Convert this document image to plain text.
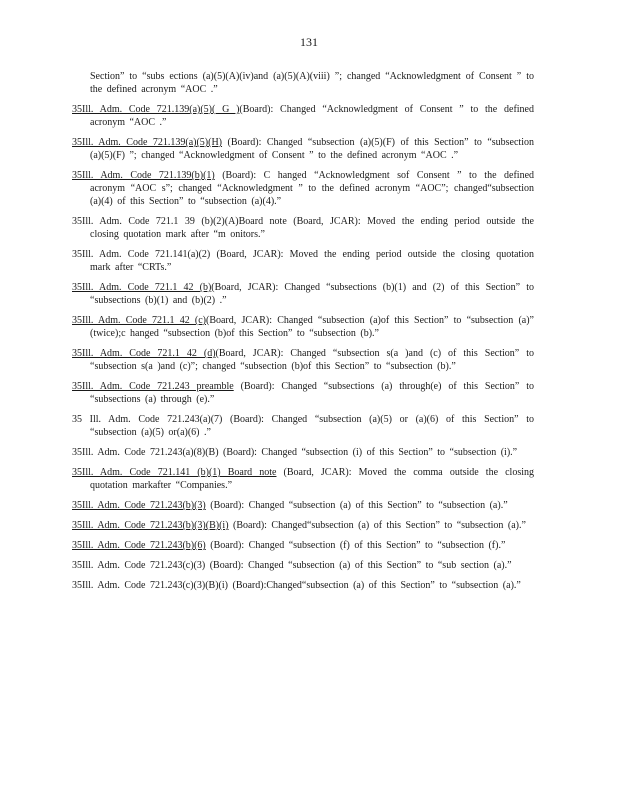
131

Section” to “subs ections (a)(5)(A)(iv)and (a)(5)(A)(viii) ”; changed “Acknowledgment of Consent ” to the defined acronym “AOC .”

35Ill. Adm. Code 721.139(a)(5)( G )(Board): Changed “Acknowledgment of Consent ” to the defined acronym “AOC .”

35Ill. Adm. Code 721.139(a)(5)(H) (Board): Changed “subsection (a)(5)(F) of this Section” to “subsection (a)(5)(F) ”; changed “Acknowledgment of Consent ” to the defined acronym “AOC .”

35Ill. Adm. Code 721.139(b)(1) (Board): C hanged “Acknowledgment sof Consent ” to the defined acronym “AOC s”; changed “Acknowledgment ” to the defined acronym “AOC”; changed“subsection (a)(4) of this Section” to “subsection (a)(4).”

35Ill. Adm. Code 721.1 39 (b)(2)(A)Board note (Board, JCAR): Moved the ending period outside the closing quotation mark after “m onitors.”

35Ill. Adm. Code 721.141(a)(2) (Board, JCAR): Moved the ending period outside the closing quotation mark after “CRTs.”

35Ill. Adm. Code 721.1 42 (b)(Board, JCAR): Changed “subsections (b)(1) and (2) of this Section” to “subsections (b)(1) and (b)(2) .”

35Ill. Adm. Code 721.1 42 (c)(Board, JCAR): Changed “subsection (a)of this Section” to “subsection (a)” (twice);c hanged “subsection (b)of this Section” to “subsection (b).”

35Ill. Adm. Code 721.1 42 (d)(Board, JCAR): Changed “subsection s(a )and (c) of this Section” to “subsection s(a )and (c)”; changed “subsection (b)of this Section” to “subsection (b).”

35Ill. Adm. Code 721.243 preamble (Board): Changed “subsections (a) through(e) of this Section” to “subsections (a) through (e).”

35 Ill. Adm. Code 721.243(a)(7) (Board): Changed “subsection (a)(5) or (a)(6) of this Section” to “subsection (a)(5) or(a)(6) .”

35Ill. Adm. Code 721.243(a)(8)(B) (Board): Changed “subsection (i) of this Section” to “subsection (i).”

35Ill. Adm. Code 721.141 (b)(1) Board note (Board, JCAR): Moved the comma outside the closing quotation markafter “Companies.”

35Ill. Adm. Code 721.243(b)(3) (Board): Changed “subsection (a) of this Section” to “subsection (a).”

35Ill. Adm. Code 721.243(b)(3)(B)(i) (Board): Changed“subsection (a) of this Section” to “subsection (a).”

35Ill. Adm. Code 721.243(b)(6) (Board): Changed “subsection (f) of this Section” to “subsection (f).”

35Ill. Adm. Code 721.243(c)(3) (Board): Changed “subsection (a) of this Section” to “sub section (a).”

35Ill. Adm. Code 721.243(c)(3)(B)(i) (Board):Changed“subsection (a) of this Section” to “subsection (a).”
